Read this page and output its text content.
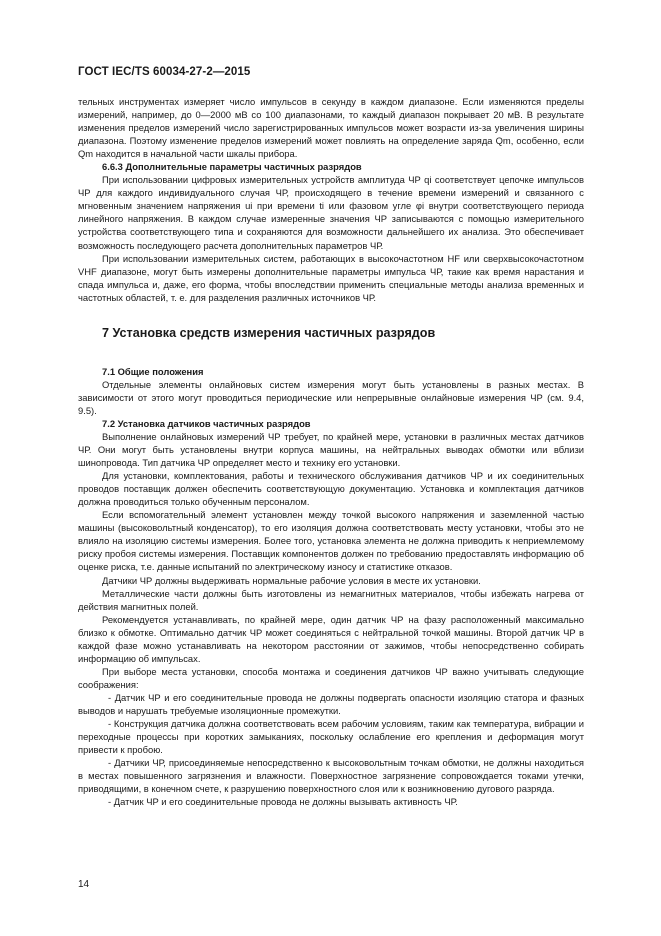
ГОСТ IEC/TS 60034-27-2—2015

тельных инструментах измеряет число импульсов в секунду в каждом диапазоне. Если изменяются пределы измерений, например, до 0—2000 мВ со 100 диапазонами, то каждый диапазон покрывает 20 мВ. В результате изменения пределов измерений число зарегистрированных импульсов может возрасти из-за увеличения ширины диапазона. Поэтому изменение пределов измерений может повлиять на определение заряда Qm, особенно, если Qm находится в начальной части шкалы прибора.

6.6.3 Дополнительные параметры частичных разрядов

При использовании цифровых измерительных устройств амплитуда ЧР qi соответствует цепочке импульсов ЧР для каждого индивидуального случая ЧР, происходящего в течение времени измерений и связанного с мгновенным значением напряжения ui при времени ti или фазовом угле φi внутри соответствующего периода линейного напряжения. В каждом случае измеренные значения ЧР записываются с помощью измерительного устройства соответствующего типа и сохраняются для возможности дальнейшего их анализа. Это обеспечивает возможность последующего расчета дополнительных параметров ЧР.

При использовании измерительных систем, работающих в высокочастотном HF или сверхвысокочастотном VHF диапазоне, могут быть измерены дополнительные параметры импульса ЧР, такие как время нарастания и спада импульса и, даже, его форма, чтобы впоследствии применить специальные методы анализа временных и частотных областей, т. е. для разделения различных источников ЧР.

7 Установка средств измерения частичных разрядов
7.1 Общие положения

Отдельные элементы онлайновых систем измерения могут быть установлены в разных местах. В зависимости от этого могут проводиться периодические или непрерывные онлайновые измерения ЧР (см. 9.4, 9.5).

7.2 Установка датчиков частичных разрядов

Выполнение онлайновых измерений ЧР требует, по крайней мере, установки в различных местах датчиков ЧР. Они могут быть установлены внутри корпуса машины, на нейтральных выводах обмотки или вблизи шинопровода. Тип датчика ЧР определяет место и технику его установки.

Для установки, комплектования, работы и технического обслуживания датчиков ЧР и их соединительных проводов поставщик должен обеспечить соответствующую документацию. Установка и комплектация датчиков должна проводиться только обученным персоналом.

Если вспомогательный элемент установлен между точкой высокого напряжения и заземленной частью машины (высоковольтный конденсатор), то его изоляция должна соответствовать месту установки, чтобы это не влияло на изоляцию системы измерения. Более того, установка элемента не должна приводить к неприемлемому риску пробоя системы измерения. Поставщик компонентов должен по требованию предоставлять информацию об оценке риска, т.е. данные испытаний по электрическому износу и статистике отказов.

Датчики ЧР должны выдерживать нормальные рабочие условия в месте их установки.

Металлические части должны быть изготовлены из немагнитных материалов, чтобы избежать нагрева от действия магнитных полей.

Рекомендуется устанавливать, по крайней мере, один датчик ЧР на фазу расположенный максимально близко к обмотке. Оптимально датчик ЧР может соединяться с нейтральной точкой машины. Второй датчик ЧР в каждой фазе можно устанавливать на некотором расстоянии от зажимов, чтобы непосредственно собирать информацию об импульсах.

При выборе места установки, способа монтажа и соединения датчиков ЧР важно учитывать следующие соображения:

- Датчик ЧР и его соединительные провода не должны подвергать опасности изоляцию статора и фазных выводов и нарушать требуемые изоляционные промежутки.

- Конструкция датчика должна соответствовать всем рабочим условиям, таким как температура, вибрации и переходные процессы при коротких замыканиях, поскольку ослабление его крепления и деформация могут привести к пробою.

- Датчики ЧР, присоединяемые непосредственно к высоковольтным точкам обмотки, не должны находиться в местах повышенного загрязнения и влажности. Поверхностное загрязнение сопровождается токами утечки, приводящими, в конечном счете, к разрушению поверхностного слоя или к возникновению дугового разряда.

- Датчик ЧР и его соединительные провода не должны вызывать активность ЧР.

14
